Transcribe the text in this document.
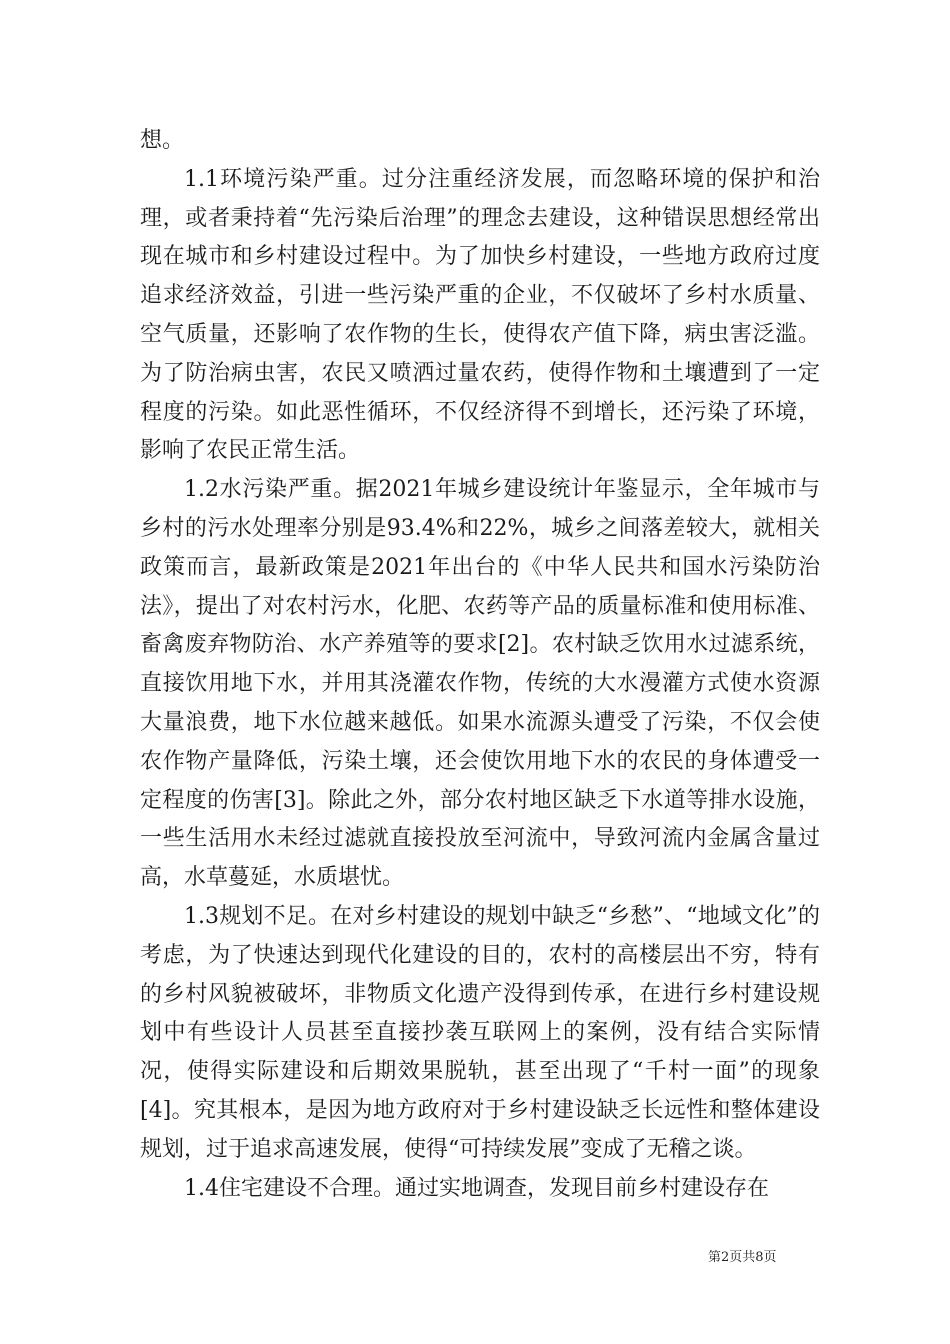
想。

1.1环境污染严重。过分注重经济发展，而忽略环境的保护和治理，或者秉持着“先污染后治理”的理念去建设，这种错误思想经常出现在城市和乡村建设过程中。为了加快乡村建设，一些地方政府过度追求经济效益，引进一些污染严重的企业，不仅破坏了乡村水质量、空气质量，还影响了农作物的生长，使得农产值下降，病虫害泛滥。为了防治病虫害，农民又喷洒过量农药，使得作物和土壤遭到了一定程度的污染。如此恶性循环，不仅经济得不到增长，还污染了环境，影响了农民正常生活。

1.2水污染严重。据2021年城乡建设统计年鉴显示，全年城市与乡村的污水处理率分别是93.4%和22%，城乡之间落差较大，就相关政策而言，最新政策是2021年出台的《中华人民共和国水污染防治法》，提出了对农村污水，化肥、农药等产品的质量标准和使用标准、畜禽废弃物防治、水产养殖等的要求[2]。农村缺乏饮用水过滤系统，直接饮用地下水，并用其浇灌农作物，传统的大水漫灌方式使水资源大量浪费，地下水位越来越低。如果水流源头遭受了污染，不仅会使农作物产量降低，污染土壤，还会使饮用地下水的农民的身体遭受一定程度的伤害[3]。除此之外，部分农村地区缺乏下水道等排水设施，一些生活用水未经过滤就直接投放至河流中，导致河流内金属含量过高，水草蔓延，水质堪忧。

1.3规划不足。在对乡村建设的规划中缺乏“乡愁”、“地域文化”的考虑，为了快速达到现代化建设的目的，农村的高楼层出不穷，特有的乡村风貌被破坏，非物质文化遗产没得到传承，在进行乡村建设规划中有些设计人员甚至直接抄袭互联网上的案例，没有结合实际情况，使得实际建设和后期效果脱轨，甚至出现了“千村一面”的现象[4]。究其根本，是因为地方政府对于乡村建设缺乏长远性和整体建设规划，过于追求高速发展，使得“可持续发展”变成了无稽之谈。

1.4住宅建设不合理。通过实地调查，发现目前乡村建设存在

第2页共8页
